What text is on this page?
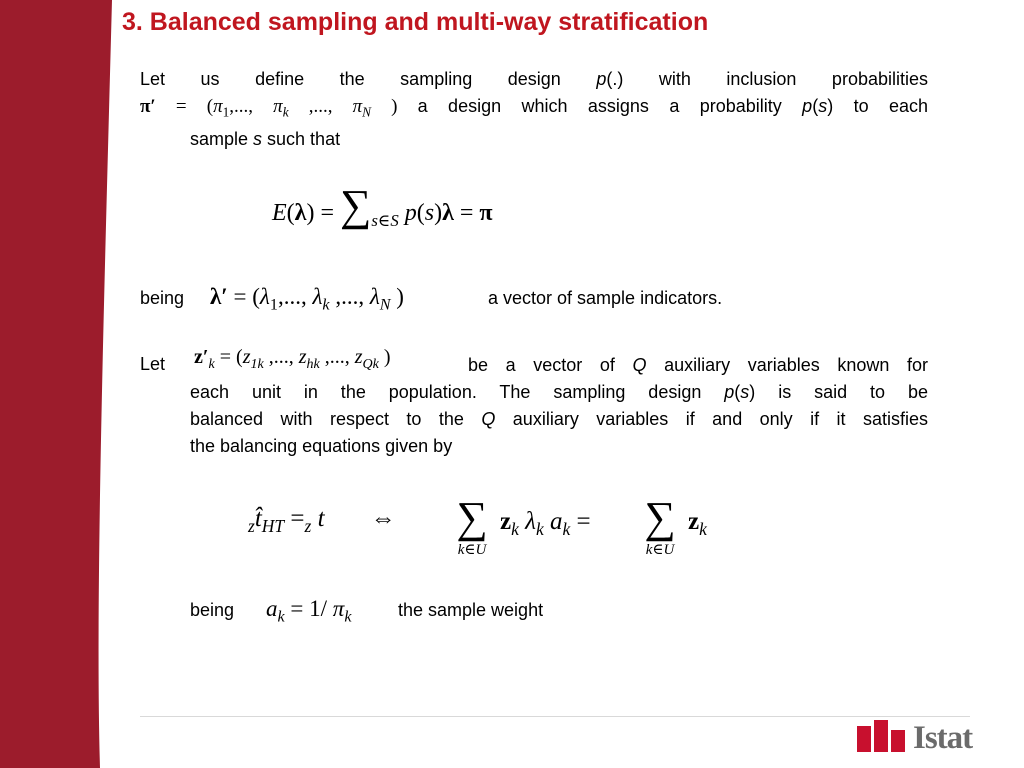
3. Balanced sampling and multi-way stratification
Let us define the sampling design p(.) with inclusion probabilities
$\pi' = (\pi_1$,..., $\pi_k$ ,..., $\pi_N$ ) a design which assigns a probability p(s) to each
sample s such that
$E(\lambda) = \sum_{s\in S}$ p(s)λ = π
being $\lambda' = (\lambda_1$,..., $\lambda_k$ ,..., $\lambda_N$ )	a vector of sample indicators.
Let $z'_k = (z_{1k}$ ,..., $z_{hk}$ ,..., $z_{Qk}$ )	be a vector of Q auxiliary variables known for
each unit in the population. The sampling design p(s) is said to be
balanced with respect to the Q auxiliary variables if and only if it satisfies
the balancing equations given by
$_zt̂_{HT} =_z$ t ⇔ ∑
k∈U
$z_k$ $\lambda_k$ $a_k$ = ∑
k∈U
$z_k$
being $a_k = 1/$ $\pi_k$	the sample weight
Istat
